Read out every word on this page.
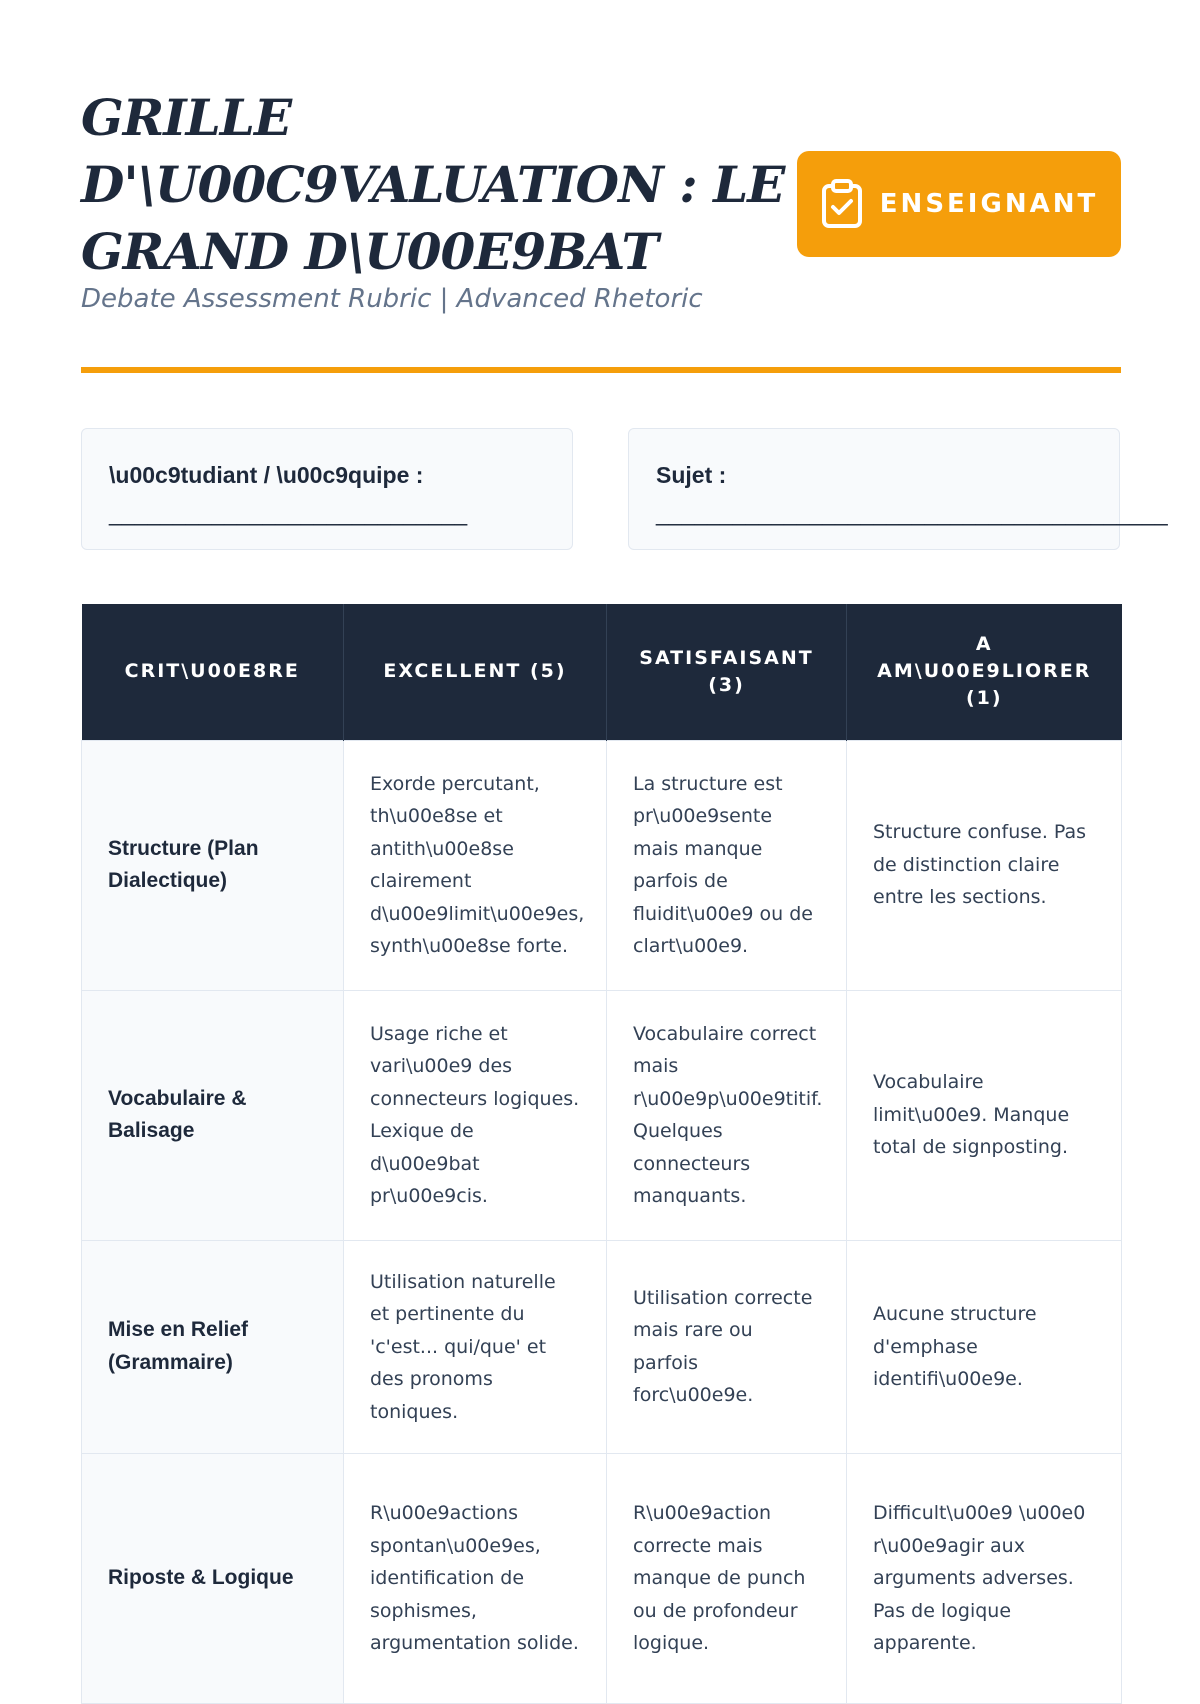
GRILLE D'\U00C9VALUATION : LE GRAND D\U00E9BAT
Debate Assessment Rubric | Advanced Rhetoric
ENSEIGNANT
\u00c9tudiant / \u00c9quipe :
____________________________
Sujet :
________________________________________
CRIT\U00E8RE	EXCELLENT (5)	SATISFAISANT (3)	A AM\U00E9LIORER (1)
Structure (Plan Dialectique)	Exorde percutant, th\u00e8se et antith\u00e8se clairement d\u00e9limit\u00e9es, synth\u00e8se forte.	La structure est pr\u00e9sente mais manque parfois de fluidit\u00e9 ou de clart\u00e9.	Structure confuse. Pas de distinction claire entre les sections.
Vocabulaire & Balisage	Usage riche et vari\u00e9 des connecteurs logiques. Lexique de d\u00e9bat pr\u00e9cis.	Vocabulaire correct mais r\u00e9p\u00e9titif. Quelques connecteurs manquants.	Vocabulaire limit\u00e9. Manque total de signposting.
Mise en Relief (Grammaire)	Utilisation naturelle et pertinente du 'c'est... qui/que' et des pronoms toniques.	Utilisation correcte mais rare ou parfois forc\u00e9e.	Aucune structure d'emphase identifi\u00e9e.
Riposte & Logique	R\u00e9actions spontan\u00e9es, identification de sophismes, argumentation solide.	R\u00e9action correcte mais manque de punch ou de profondeur logique.	Difficult\u00e9 \u00e0 r\u00e9agir aux arguments adverses. Pas de logique apparente.
